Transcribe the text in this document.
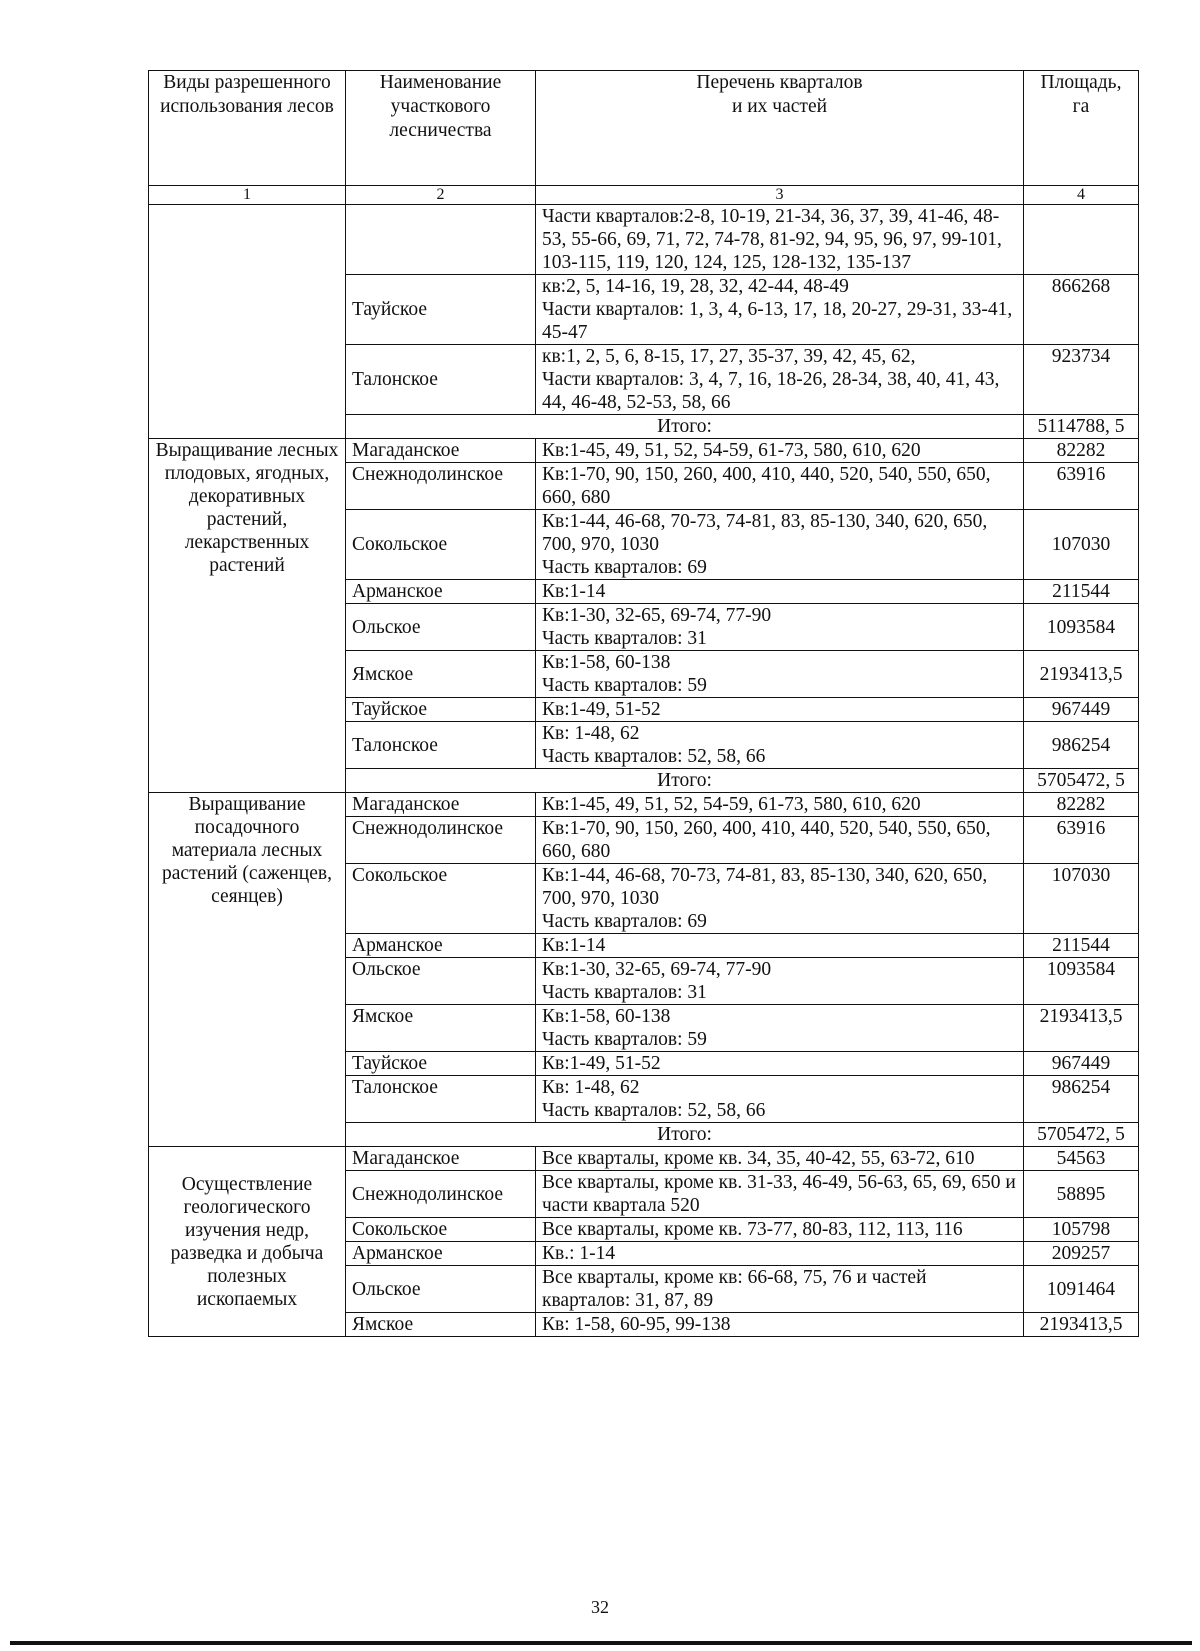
Виды разрешенного использования лесов	Наименование участкового лесничества	Перечень кварталов
и их частей	Площадь, га
1	2	3	4
		Части кварталов:2-8, 10-19, 21-34, 36, 37, 39, 41-46, 48-53, 55-66, 69, 71, 72, 74-78, 81-92, 94, 95, 96, 97, 99-101, 103-115, 119, 120, 124, 125, 128-132, 135-137	
	Тауйское	кв:2, 5, 14-16, 19, 28, 32, 42-44, 48-49
Части кварталов: 1, 3, 4, 6-13, 17, 18, 20-27, 29-31, 33-41, 45-47	866268
	Талонское	кв:1, 2, 5, 6, 8-15, 17, 27, 35-37, 39, 42, 45, 62,
Части кварталов: 3, 4, 7, 16, 18-26, 28-34, 38, 40, 41, 43, 44, 46-48, 52-53, 58, 66	923734
	Итого:		5114788, 5
Выращивание лесных плодовых, ягодных, декоративных растений, лекарственных растений	Магаданское	Кв:1-45, 49, 51, 52, 54-59, 61-73, 580, 610, 620	82282
	Снежнодолинское	Кв:1-70, 90, 150, 260, 400, 410, 440, 520, 540, 550, 650, 660, 680	63916
	Сокольское	Кв:1-44, 46-68, 70-73, 74-81, 83, 85-130, 340, 620, 650, 700, 970, 1030
Часть кварталов: 69	107030
	Арманское	Кв:1-14	211544
	Ольское	Кв:1-30, 32-65, 69-74, 77-90
Часть кварталов: 31	1093584
	Ямское	Кв:1-58, 60-138
Часть кварталов: 59	2193413,5
	Тауйское	Кв:1-49, 51-52	967449
	Талонское	Кв: 1-48, 62
Часть кварталов: 52, 58, 66	986254
	Итого:		5705472, 5
Выращивание посадочного материала лесных растений (саженцев, сеянцев)	Магаданское	Кв:1-45, 49, 51, 52, 54-59, 61-73, 580, 610, 620	82282
	Снежнодолинское	Кв:1-70, 90, 150, 260, 400, 410, 440, 520, 540, 550, 650, 660, 680	63916
	Сокольское	Кв:1-44, 46-68, 70-73, 74-81, 83, 85-130, 340, 620, 650, 700, 970, 1030
Часть кварталов: 69	107030
	Арманское	Кв:1-14	211544
	Ольское	Кв:1-30, 32-65, 69-74, 77-90
Часть кварталов: 31	1093584
	Ямское	Кв:1-58, 60-138
Часть кварталов: 59	2193413,5
	Тауйское	Кв:1-49, 51-52	967449
	Талонское	Кв: 1-48, 62
Часть кварталов: 52, 58, 66	986254
	Итого:		5705472, 5
Осуществление геологического изучения недр, разведка и добыча полезных ископаемых	Магаданское	Все кварталы, кроме кв. 34, 35, 40-42, 55, 63-72, 610	54563
	Снежнодолинское	Все кварталы, кроме кв. 31-33, 46-49, 56-63, 65, 69, 650 и части квартала 520	58895
	Сокольское	Все кварталы, кроме кв. 73-77, 80-83, 112, 113, 116	105798
	Арманское	Кв.: 1-14	209257
	Ольское	Все кварталы, кроме кв: 66-68, 75, 76 и частей кварталов: 31, 87, 89	1091464
	Ямское	Кв: 1-58, 60-95, 99-138	2193413,5
32
